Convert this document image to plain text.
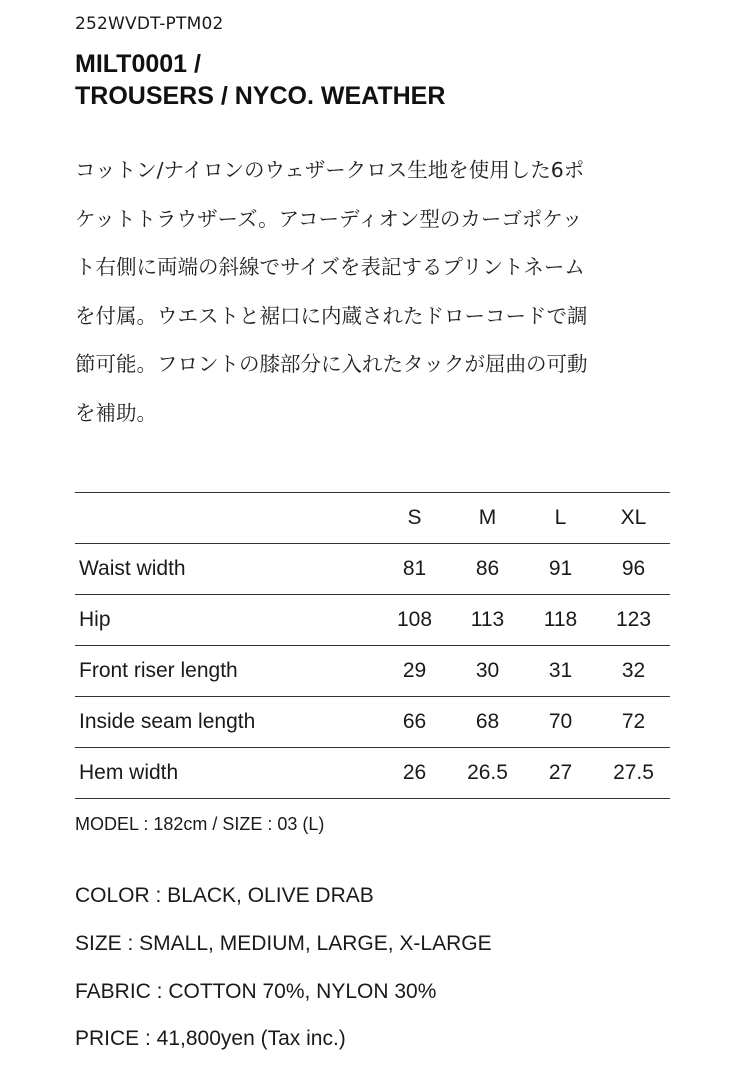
252WVDT-PTM02
MILT0001 /
TROUSERS / NYCO. WEATHER

コットン/ナイロンのウェザークロス生地を使用した6ポ
ケットトラウザーズ。アコーディオン型のカーゴポケッ
ト右側に両端の斜線でサイズを表記するプリントネーム
を付属。ウエストと裾口に内蔵されたドローコードで調
節可能。フロントの膝部分に入れたタックが屈曲の可動
を補助。

	S	M	L	XL
Waist width	81	86	91	96
Hip	108	113	118	123
Front riser length	29	30	31	32
Inside seam length	66	68	70	72
Hem width	26	26.5	27	27.5
MODEL : 182cm / SIZE : 03 (L)
COLOR : BLACK, OLIVE DRAB
SIZE : SMALL, MEDIUM, LARGE, X-LARGE
FABRIC : COTTON 70%, NYLON 30%
PRICE : 41,800yen (Tax inc.)
